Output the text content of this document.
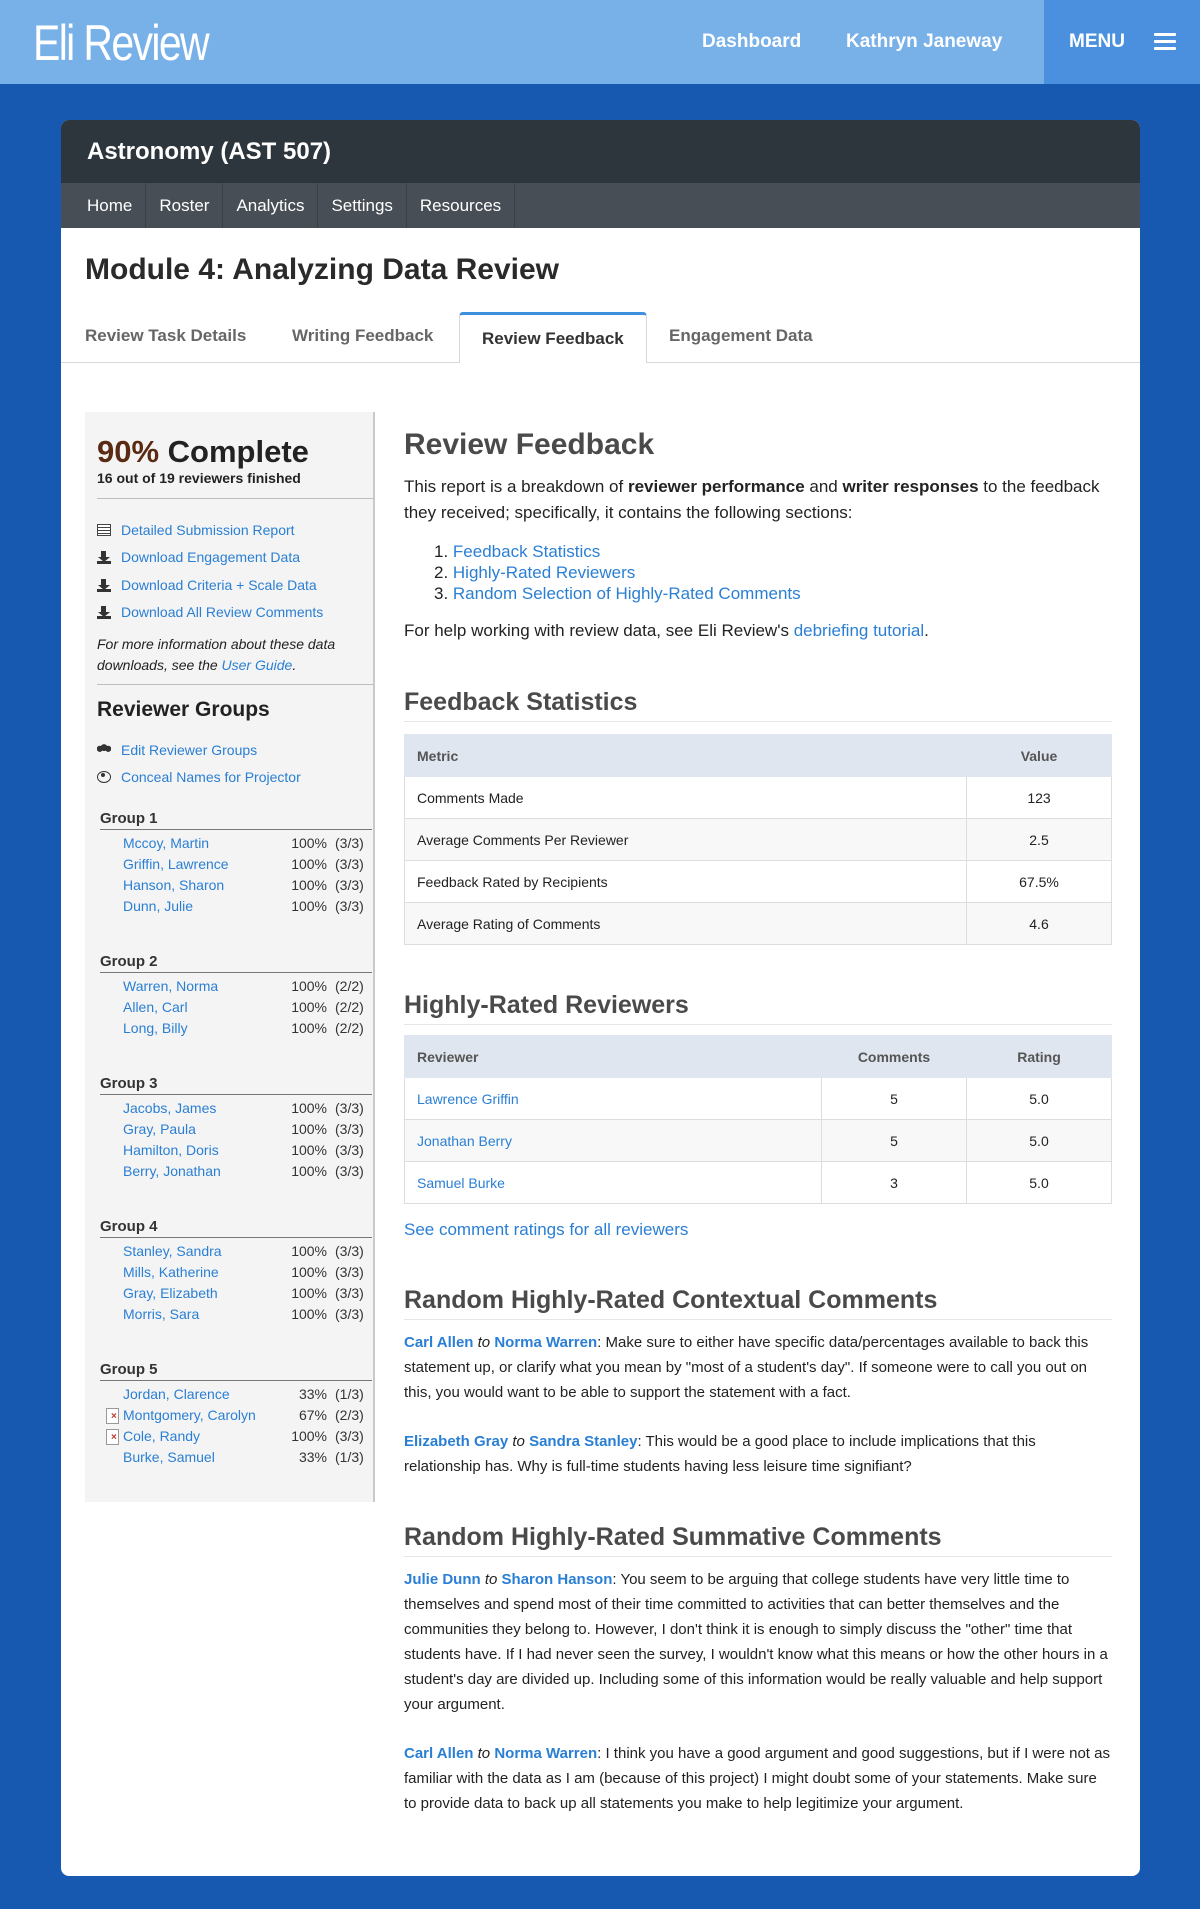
Eli Review	Dashboard Kathryn Janeway	MENU
Astronomy (AST 507)
Home	Roster	Analytics	Settings	Resources
Module 4: Analyzing Data Review
Review Task Details	Writing Feedback	Review Feedback	Engagement Data
90% Complete
16 out of 19 reviewers finished
Detailed Submission Report
Download Engagement Data
Download Criteria + Scale Data
Download All Review Comments
For more information about these data downloads, see the User Guide.
Reviewer Groups
Edit Reviewer Groups
Conceal Names for Projector
Group 1
Mccoy, Martin	100% (3/3)
Griffin, Lawrence	100% (3/3)
Hanson, Sharon	100% (3/3)
Dunn, Julie	100% (3/3)
Group 2
Warren, Norma	100% (2/2)
Allen, Carl	100% (2/2)
Long, Billy	100% (2/2)
Group 3
Jacobs, James	100% (3/3)
Gray, Paula	100% (3/3)
Hamilton, Doris	100% (3/3)
Berry, Jonathan	100% (3/3)
Group 4
Stanley, Sandra	100% (3/3)
Mills, Katherine	100% (3/3)
Gray, Elizabeth	100% (3/3)
Morris, Sara	100% (3/3)
Group 5
Jordan, Clarence	33% (1/3)
Montgomery, Carolyn	67% (2/3)
Cole, Randy	100% (3/3)
Burke, Samuel	33% (1/3)
Review Feedback

This report is a breakdown of reviewer performance and writer responses to the feedback they received; specifically, it contains the following sections:

1. Feedback Statistics
2. Highly-Rated Reviewers
3. Random Selection of Highly-Rated Comments

For help working with review data, see Eli Review's debriefing tutorial.

Feedback Statistics
Metric	Value
Comments Made	123
Average Comments Per Reviewer	2.5
Feedback Rated by Recipients	67.5%
Average Rating of Comments	4.6
Highly-Rated Reviewers
Reviewer	Comments	Rating
Lawrence Griffin	5	5.0
Jonathan Berry	5	5.0
Samuel Burke	3	5.0
See comment ratings for all reviewers
Random Highly-Rated Contextual Comments

Carl Allen to Norma Warren: Make sure to either have specific data/percentages available to back this statement up, or clarify what you mean by "most of a student's day". If someone were to call you out on this, you would want to be able to support the statement with a fact.

Elizabeth Gray to Sandra Stanley: This would be a good place to include implications that this relationship has. Why is full-time students having less leisure time signifiant?

Random Highly-Rated Summative Comments

Julie Dunn to Sharon Hanson: You seem to be arguing that college students have very little time to themselves and spend most of their time committed to activities that can better themselves and the communities they belong to. However, I don't think it is enough to simply discuss the "other" time that students have. If I had never seen the survey, I wouldn't know what this means or how the other hours in a student's day are divided up. Including some of this information would be really valuable and help support your argument.

Carl Allen to Norma Warren: I think you have a good argument and good suggestions, but if I were not as familiar with the data as I am (because of this project) I might doubt some of your statements. Make sure to provide data to back up all statements you make to help legitimize your argument.
